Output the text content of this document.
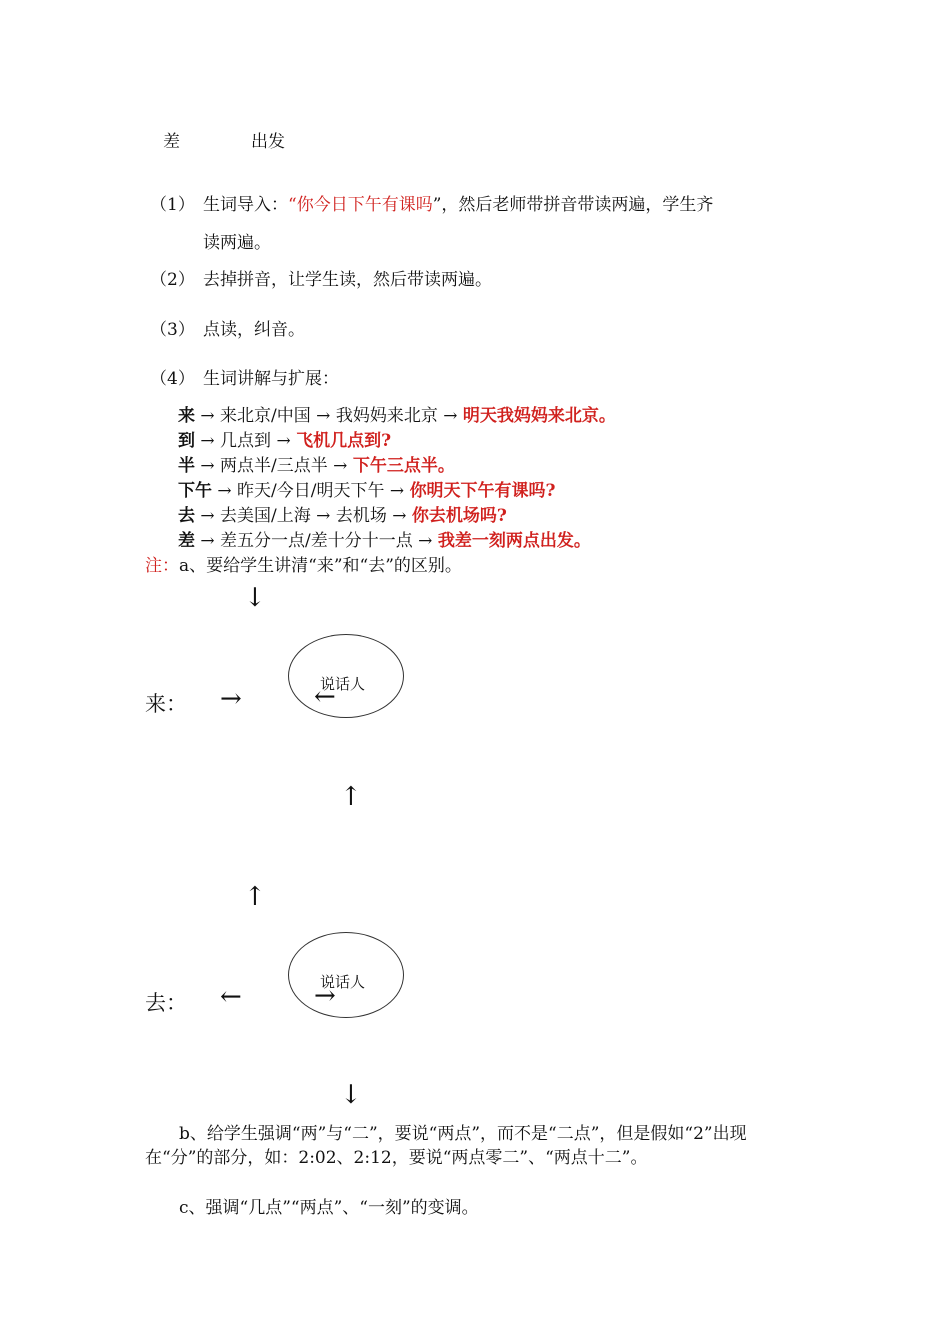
差	出发
（1） 生词导入：“你今日下午有课吗”，然后老师带拼音带读两遍，学生齐
读两遍。
（2） 去掉拼音，让学生读，然后带读两遍。
（3） 点读，纠音。
（4） 生词讲解与扩展：
来 → 来北京/中国 → 我妈妈来北京 → 明天我妈妈来北京。
到 → 几点到 → 飞机几点到?
半 → 两点半/三点半 → 下午三点半。
下午 → 昨天/今日/明天下午 → 你明天下午有课吗?
去 → 去美国/上海 → 去机场 → 你去机场吗?
差 → 差五分一点/差十分十一点 → 我差一刻两点出发。
注：a、要给学生讲清“来”和“去”的区别。
↓
说话人
←
来： →
↑
↑
说话人
→
去： ←
↓
b、给学生强调“两”与“二”，要说“两点”，而不是“二点”，但是假如“2”出现在“分”的部分，如：2:02、2:12，要说“两点零二”、“两点十二”。
c、强调“几点”“两点”、“一刻”的变调。
